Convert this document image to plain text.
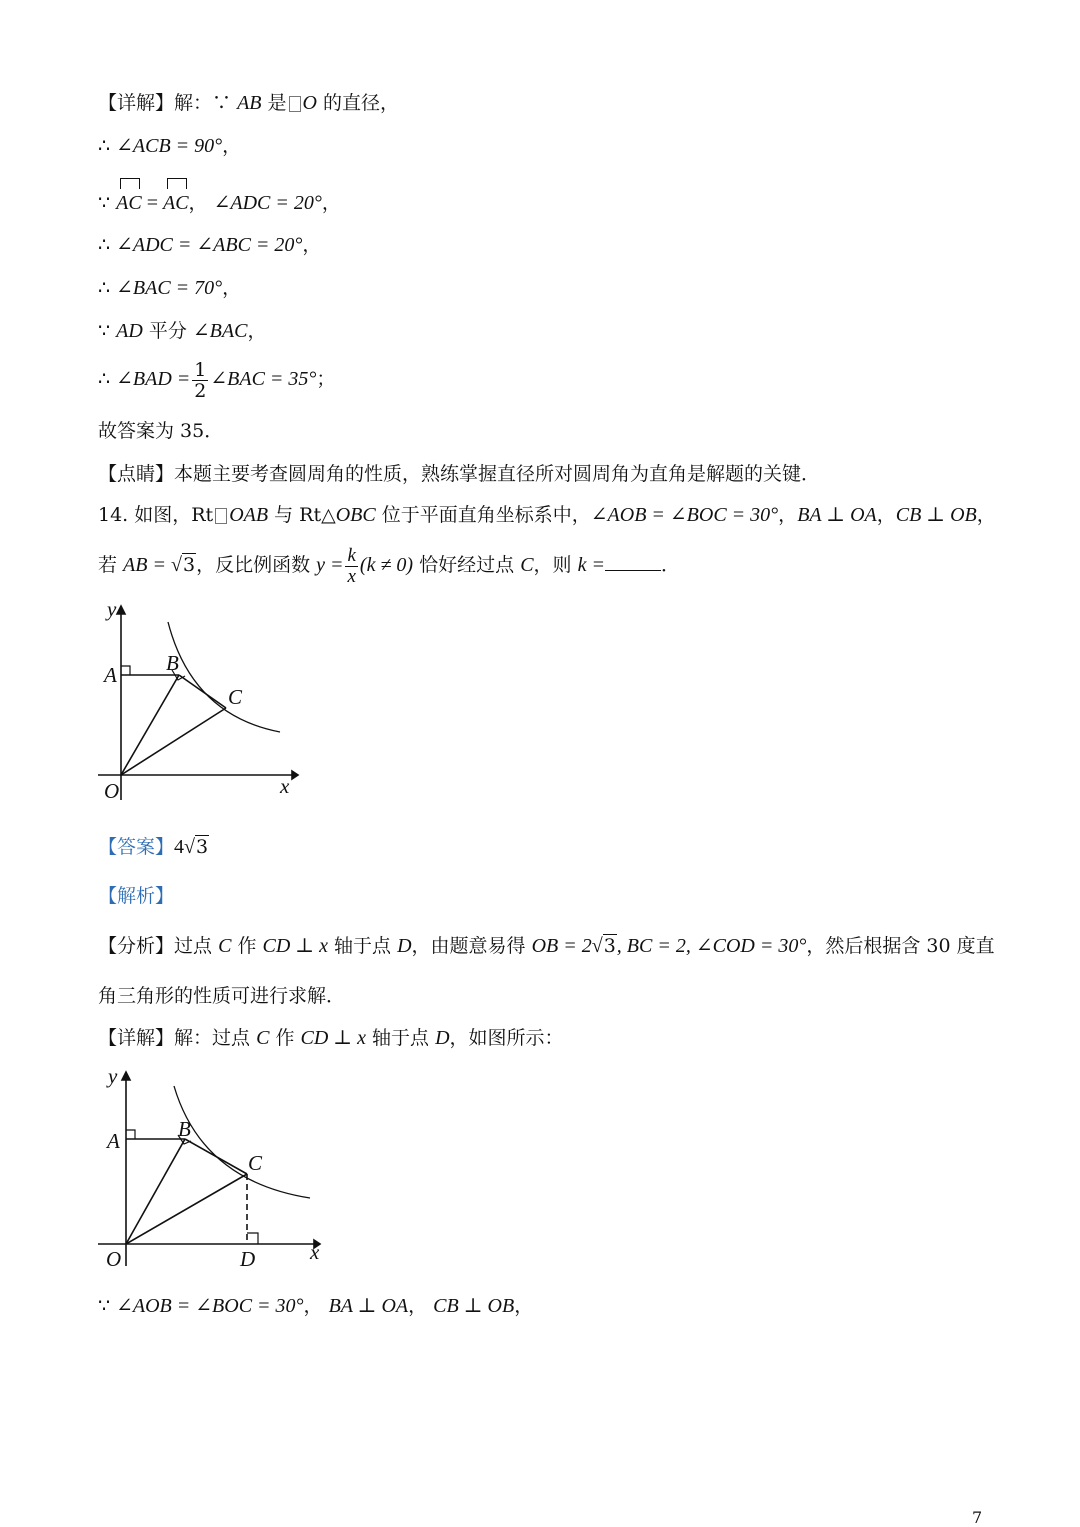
【详解】解：∵ AB 是 O 的直径，
∴ ∠ACB = 90°，
∵ AC = AC， ∠ADC = 20°，
∴ ∠ADC = ∠ABC = 20°，
∴ ∠BAC = 70°，
∵ AD 平分 ∠BAC，
∴ ∠BAD = $\frac{1}{2}$ ∠BAC = 35°；
故答案为 35．
【点睛】本题主要考查圆周角的性质，熟练掌握直径所对圆周角为直角是解题的关键．
14. 如图，Rt OAB 与 Rt△OBC 位于平面直角坐标系中，∠AOB = ∠BOC = 30°，BA ⊥ OA，CB ⊥ OB，
若 AB = √3，反比例函数 $y = \frac{k}{x} (k \ne 0)$ 恰好经过点 C，则 k =	．
y
A B
C
O	x
【答案】4√3
【解析】
【分析】过点 C 作 CD ⊥ x 轴于点 D，由题意易得 OB = 2√3, BC = 2, ∠COD = 30°，然后根据含 30 度直
角三角形的性质可进行求解．
【详解】解：过点 C 作 CD ⊥ x 轴于点 D，如图所示：
y
A	B
C
O	D	x
∵ ∠AOB = ∠BOC = 30°， BA ⊥ OA， CB ⊥ OB，
7
